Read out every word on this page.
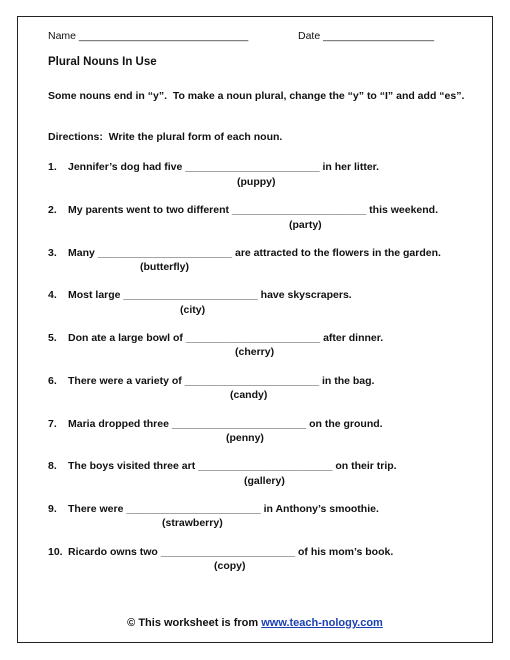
Name _____________________________	Date ___________________
Plural Nouns In Use
Some nouns end in “y”.  To make a noun plural, change the “y” to “I” and add “es”.
Directions:  Write the plural form of each noun.
1. Jennifer’s dog had five _______________________ in her litter.
(puppy)
2. My parents went to two different _______________________ this weekend.
(party)
3. Many _______________________ are attracted to the flowers in the garden.
(butterfly)
4. Most large _______________________ have skyscrapers.
(city)
5. Don ate a large bowl of _______________________ after dinner.
(cherry)
6. There were a variety of _______________________ in the bag.
(candy)
7. Maria dropped three _______________________ on the ground.
(penny)
8. The boys visited three art _______________________ on their trip.
(gallery)
9. There were _______________________ in Anthony’s smoothie.
(strawberry)
10. Ricardo owns two _______________________ of his mom’s book.
(copy)
© This worksheet is from www.teach-nology.com
